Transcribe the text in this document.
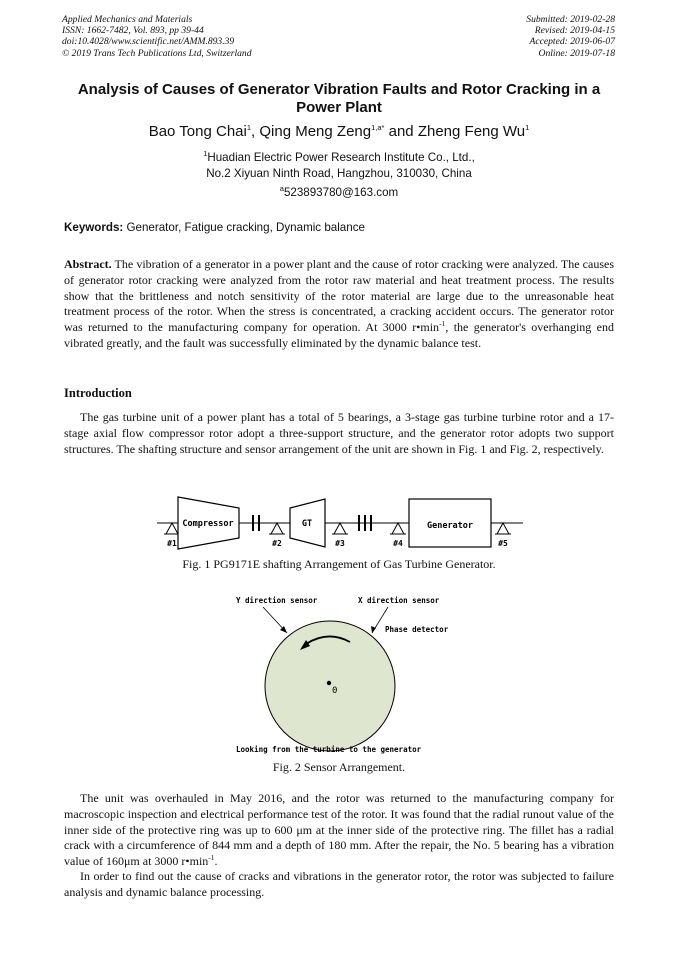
Applied Mechanics and Materials
ISSN: 1662-7482, Vol. 893, pp 39-44
doi:10.4028/www.scientific.net/AMM.893.39
© 2019 Trans Tech Publications Ltd, Switzerland
Submitted: 2019-02-28
Revised: 2019-04-15
Accepted: 2019-06-07
Online: 2019-07-18
Analysis of Causes of Generator Vibration Faults and Rotor Cracking in a Power Plant
Bao Tong Chai$^1$, Qing Meng Zeng$^{1,a*}$ and Zheng Feng Wu$^1$
$^1$Huadian Electric Power Research Institute Co., Ltd.,
No.2 Xiyuan Ninth Road, Hangzhou, 310030, China
$^a$523893780@163.com
Keywords: Generator, Fatigue cracking, Dynamic balance
Abstract. The vibration of a generator in a power plant and the cause of rotor cracking were analyzed. The causes of generator rotor cracking were analyzed from the rotor raw material and heat treatment process. The results show that the brittleness and notch sensitivity of the rotor material are large due to the unreasonable heat treatment process of the rotor. When the stress is concentrated, a cracking accident occurs. The generator rotor was returned to the manufacturing company for operation. At 3000 $r•\min^{-1}$, the generator's overhanging end vibrated greatly, and the fault was successfully eliminated by the dynamic balance test.
Introduction
The gas turbine unit of a power plant has a total of 5 bearings, a 3-stage gas turbine turbine rotor and a 17-stage axial flow compressor rotor adopt a three-support structure, and the generator rotor adopts two support structures. The shafting structure and sensor arrangement of the unit are shown in Fig. 1 and Fig. 2, respectively.
Compressor	GT	Generator
#1	#2	#3	#4	#5
Fig. 1 PG9171E shafting Arrangement of Gas Turbine Generator.
Y direction sensor	X direction sensor
Phase detector
0
Looking from the turbine to the generator
Fig. 2 Sensor Arrangement.
The unit was overhauled in May 2016, and the rotor was returned to the manufacturing company for macroscopic inspection and electrical performance test of the rotor. It was found that the radial runout value of the inner side of the protective ring was up to 600 μm at the inner side of the protective ring. The fillet has a radial crack with a circumference of 844 mm and a depth of 180 mm. After the repair, the No. 5 bearing has a vibration value of 160μm at 3000 $r•\min^{-1}$.
In order to find out the cause of cracks and vibrations in the generator rotor, the rotor was subjected to failure analysis and dynamic balance processing.
